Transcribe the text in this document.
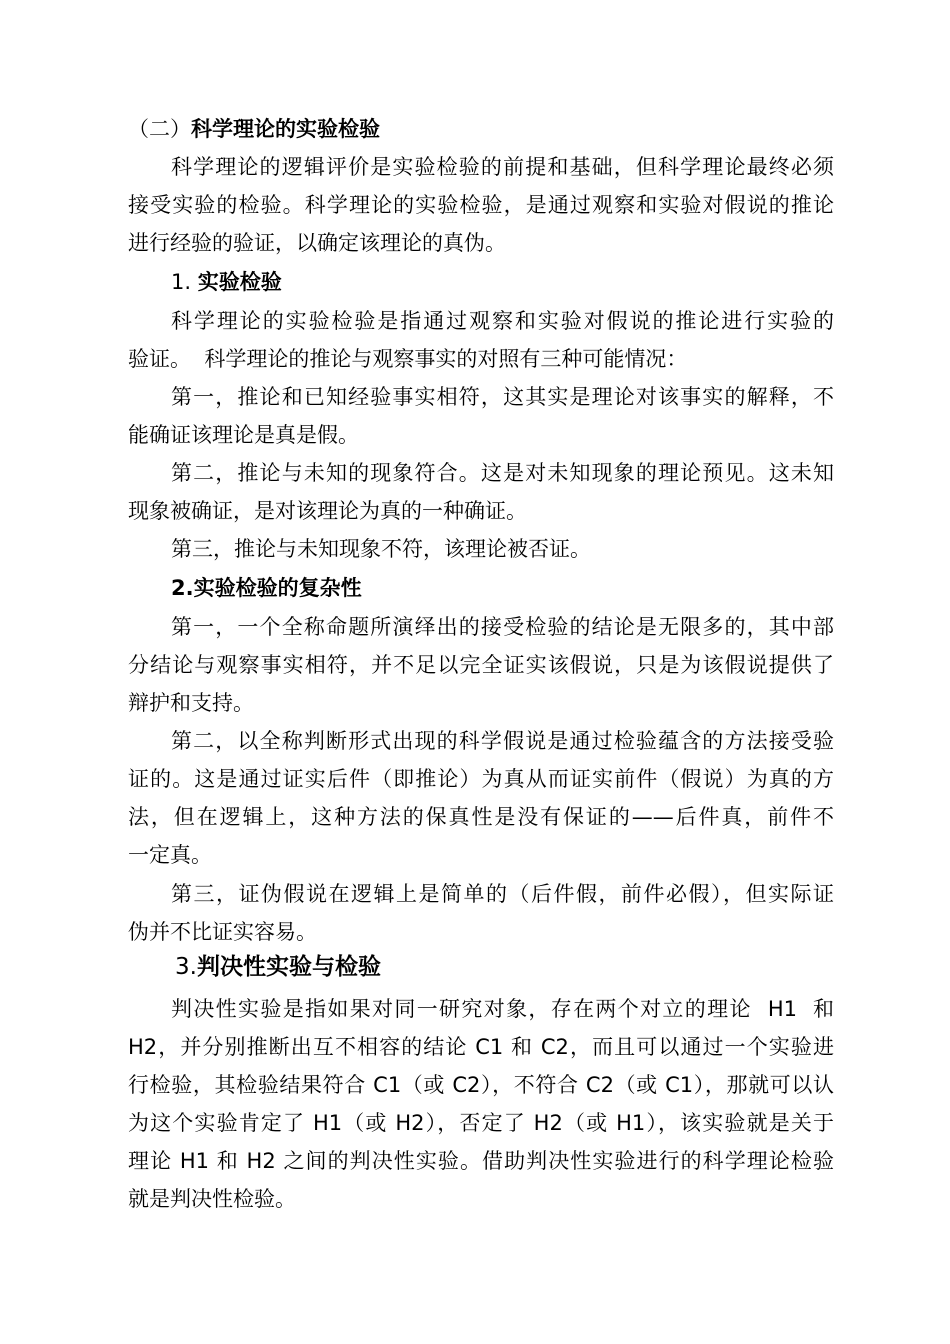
（二）科学理论的实验检验
科学理论的逻辑评价是实验检验的前提和基础，但科学理论最终必须
接受实验的检验。科学理论的实验检验，是通过观察和实验对假说的推论
进行经验的验证，以确定该理论的真伪。
1. 实验检验
科学理论的实验检验是指通过观察和实验对假说的推论进行实验的
验证。  科学理论的推论与观察事实的对照有三种可能情况：
第一，推论和已知经验事实相符，这其实是理论对该事实的解释，不
能确证该理论是真是假。
第二，推论与未知的现象符合。这是对未知现象的理论预见。这未知
现象被确证，是对该理论为真的一种确证。
第三，推论与未知现象不符，该理论被否证。
2.实验检验的复杂性
第一，一个全称命题所演绎出的接受检验的结论是无限多的，其中部
分结论与观察事实相符，并不足以完全证实该假说，只是为该假说提供了
辩护和支持。
第二，以全称判断形式出现的科学假说是通过检验蕴含的方法接受验
证的。这是通过证实后件（即推论）为真从而证实前件（假说）为真的方
法，但在逻辑上，这种方法的保真性是没有保证的——后件真，前件不
一定真。
第三，证伪假说在逻辑上是简单的（后件假，前件必假），但实际证
伪并不比证实容易。
3.判决性实验与检验
判决性实验是指如果对同一研究对象，存在两个对立的理论  H1  和
H2，并分别推断出互不相容的结论 C1 和 C2，而且可以通过一个实验进
行检验，其检验结果符合 C1（或 C2），不符合 C2（或 C1），那就可以认
为这个实验肯定了 H1（或 H2），否定了 H2（或 H1），该实验就是关于
理论 H1 和 H2 之间的判决性实验。借助判决性实验进行的科学理论检验
就是判决性检验。
